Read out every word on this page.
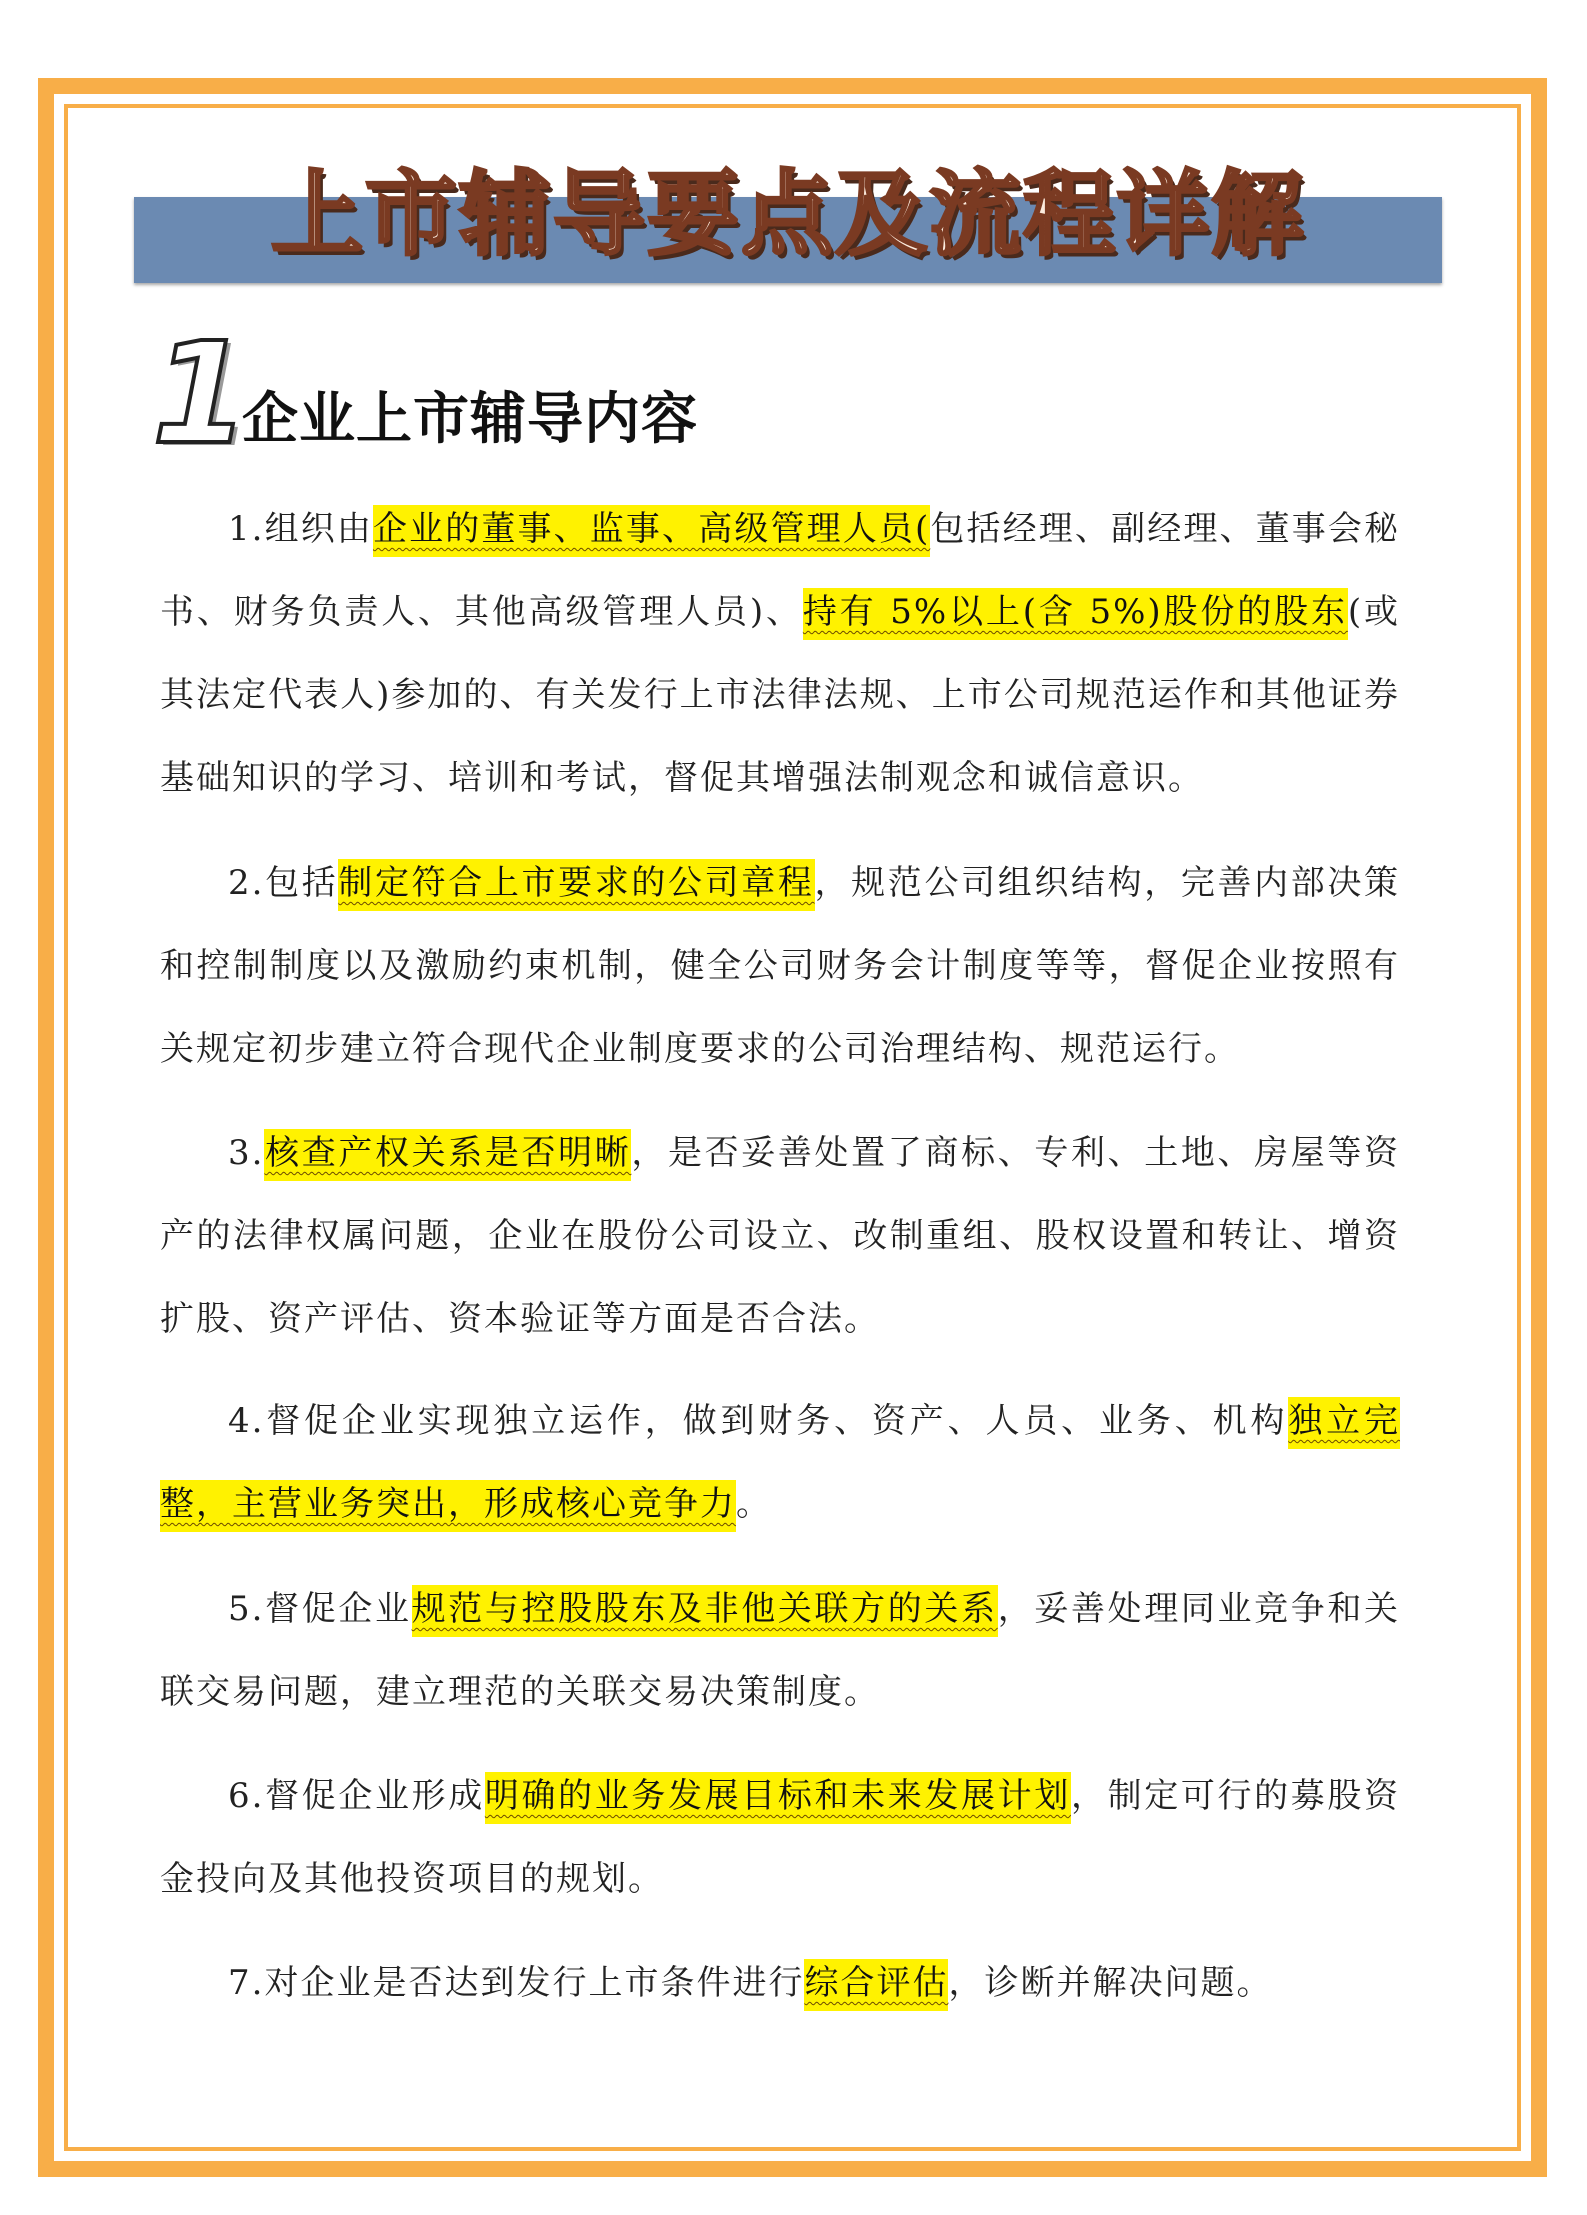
上市辅导要点及流程详解
1
企业上市辅导内容
1.组织由企业的董事、监事、高级管理人员(包括经理、副经理、董事会秘书、财务负责人、其他高级管理人员)、持有 5%以上(含 5%)股份的股东(或其法定代表人)参加的、有关发行上市法律法规、上市公司规范运作和其他证券基础知识的学习、培训和考试，督促其增强法制观念和诚信意识。
2.包括制定符合上市要求的公司章程，规范公司组织结构，完善内部决策和控制制度以及激励约束机制，健全公司财务会计制度等等，督促企业按照有关规定初步建立符合现代企业制度要求的公司治理结构、规范运行。
3.核查产权关系是否明晰，是否妥善处置了商标、专利、土地、房屋等资产的法律权属问题，企业在股份公司设立、改制重组、股权设置和转让、增资扩股、资产评估、资本验证等方面是否合法。
4.督促企业实现独立运作，做到财务、资产、人员、业务、机构独立完整，主营业务突出，形成核心竞争力。
5.督促企业规范与控股股东及非他关联方的关系，妥善处理同业竞争和关联交易问题，建立理范的关联交易决策制度。
6.督促企业形成明确的业务发展目标和未来发展计划，制定可行的募股资金投向及其他投资项目的规划。
7.对企业是否达到发行上市条件进行综合评估，诊断并解决问题。
